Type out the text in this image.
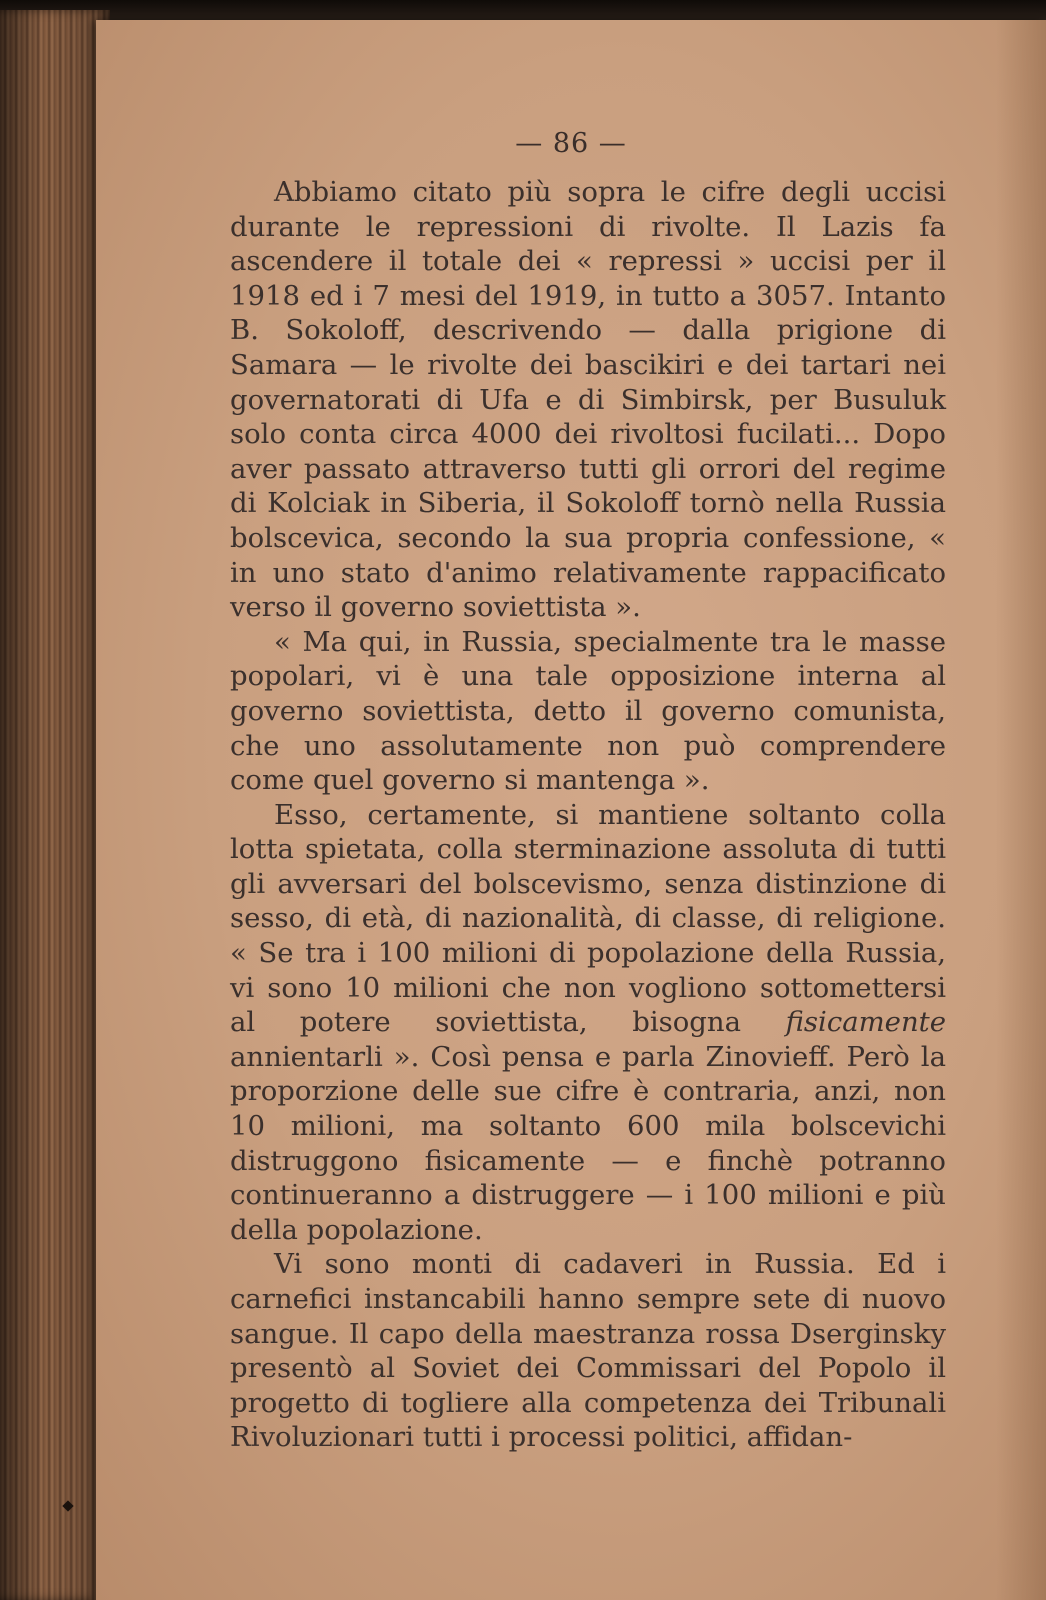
— 86 —

Abbiamo citato più sopra le cifre degli uccisi durante le repressioni di rivolte. Il Lazis fa ascendere il totale dei « repressi » uccisi per il 1918 ed i 7 mesi del 1919, in tutto a 3057. Intanto B. Sokoloff, descrivendo — dalla prigione di Samara — le rivolte dei bascikiri e dei tartari nei governatorati di Ufa e di Simbirsk, per Busuluk solo conta circa 4000 dei rivoltosi fucilati... Dopo aver passato attraverso tutti gli orrori del regime di Kolciak in Siberia, il Sokoloff tornò nella Russia bolscevica, secondo la sua propria confessione, « in uno stato d'animo relativamente rappacificato verso il governo soviettista ».

« Ma qui, in Russia, specialmente tra le masse popolari, vi è una tale opposizione interna al governo soviettista, detto il governo comunista, che uno assolutamente non può comprendere come quel governo si mantenga ».

Esso, certamente, si mantiene soltanto colla lotta spietata, colla sterminazione assoluta di tutti gli avversari del bolscevismo, senza distinzione di sesso, di età, di nazionalità, di classe, di religione. « Se tra i 100 milioni di popolazione della Russia, vi sono 10 milioni che non vogliono sottomettersi al potere soviettista, bisogna fisicamente annientarli ». Così pensa e parla Zinovieff. Però la proporzione delle sue cifre è contraria, anzi, non 10 milioni, ma soltanto 600 mila bolscevichi distruggono fisicamente — e finchè potranno continueranno a distruggere — i 100 milioni e più della popolazione.

Vi sono monti di cadaveri in Russia. Ed i carnefici instancabili hanno sempre sete di nuovo sangue. Il capo della maestranza rossa Dserginsky presentò al Soviet dei Commissari del Popolo il progetto di togliere alla competenza dei Tribunali Rivoluzionari tutti i processi politici, affidan-
